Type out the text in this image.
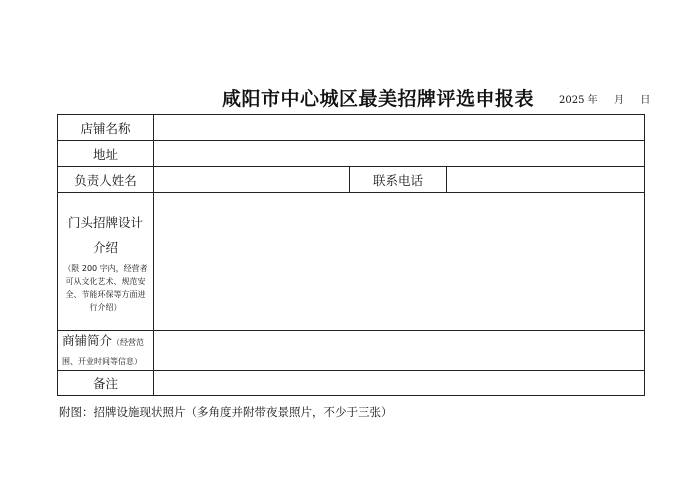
咸阳市中心城区最美招牌评选申报表 2025 年 月 日
店铺名称			
地址			
负责人姓名		联系电话	

门头招牌设计
介绍
（限 200 字内，经营者可从文化艺术、规范安全、节能环保等方面进行介绍）			

商铺简介（经营范
围、开业时间等信息）			
备注			
附图：招牌设施现状照片（多角度并附带夜景照片，不少于三张）
